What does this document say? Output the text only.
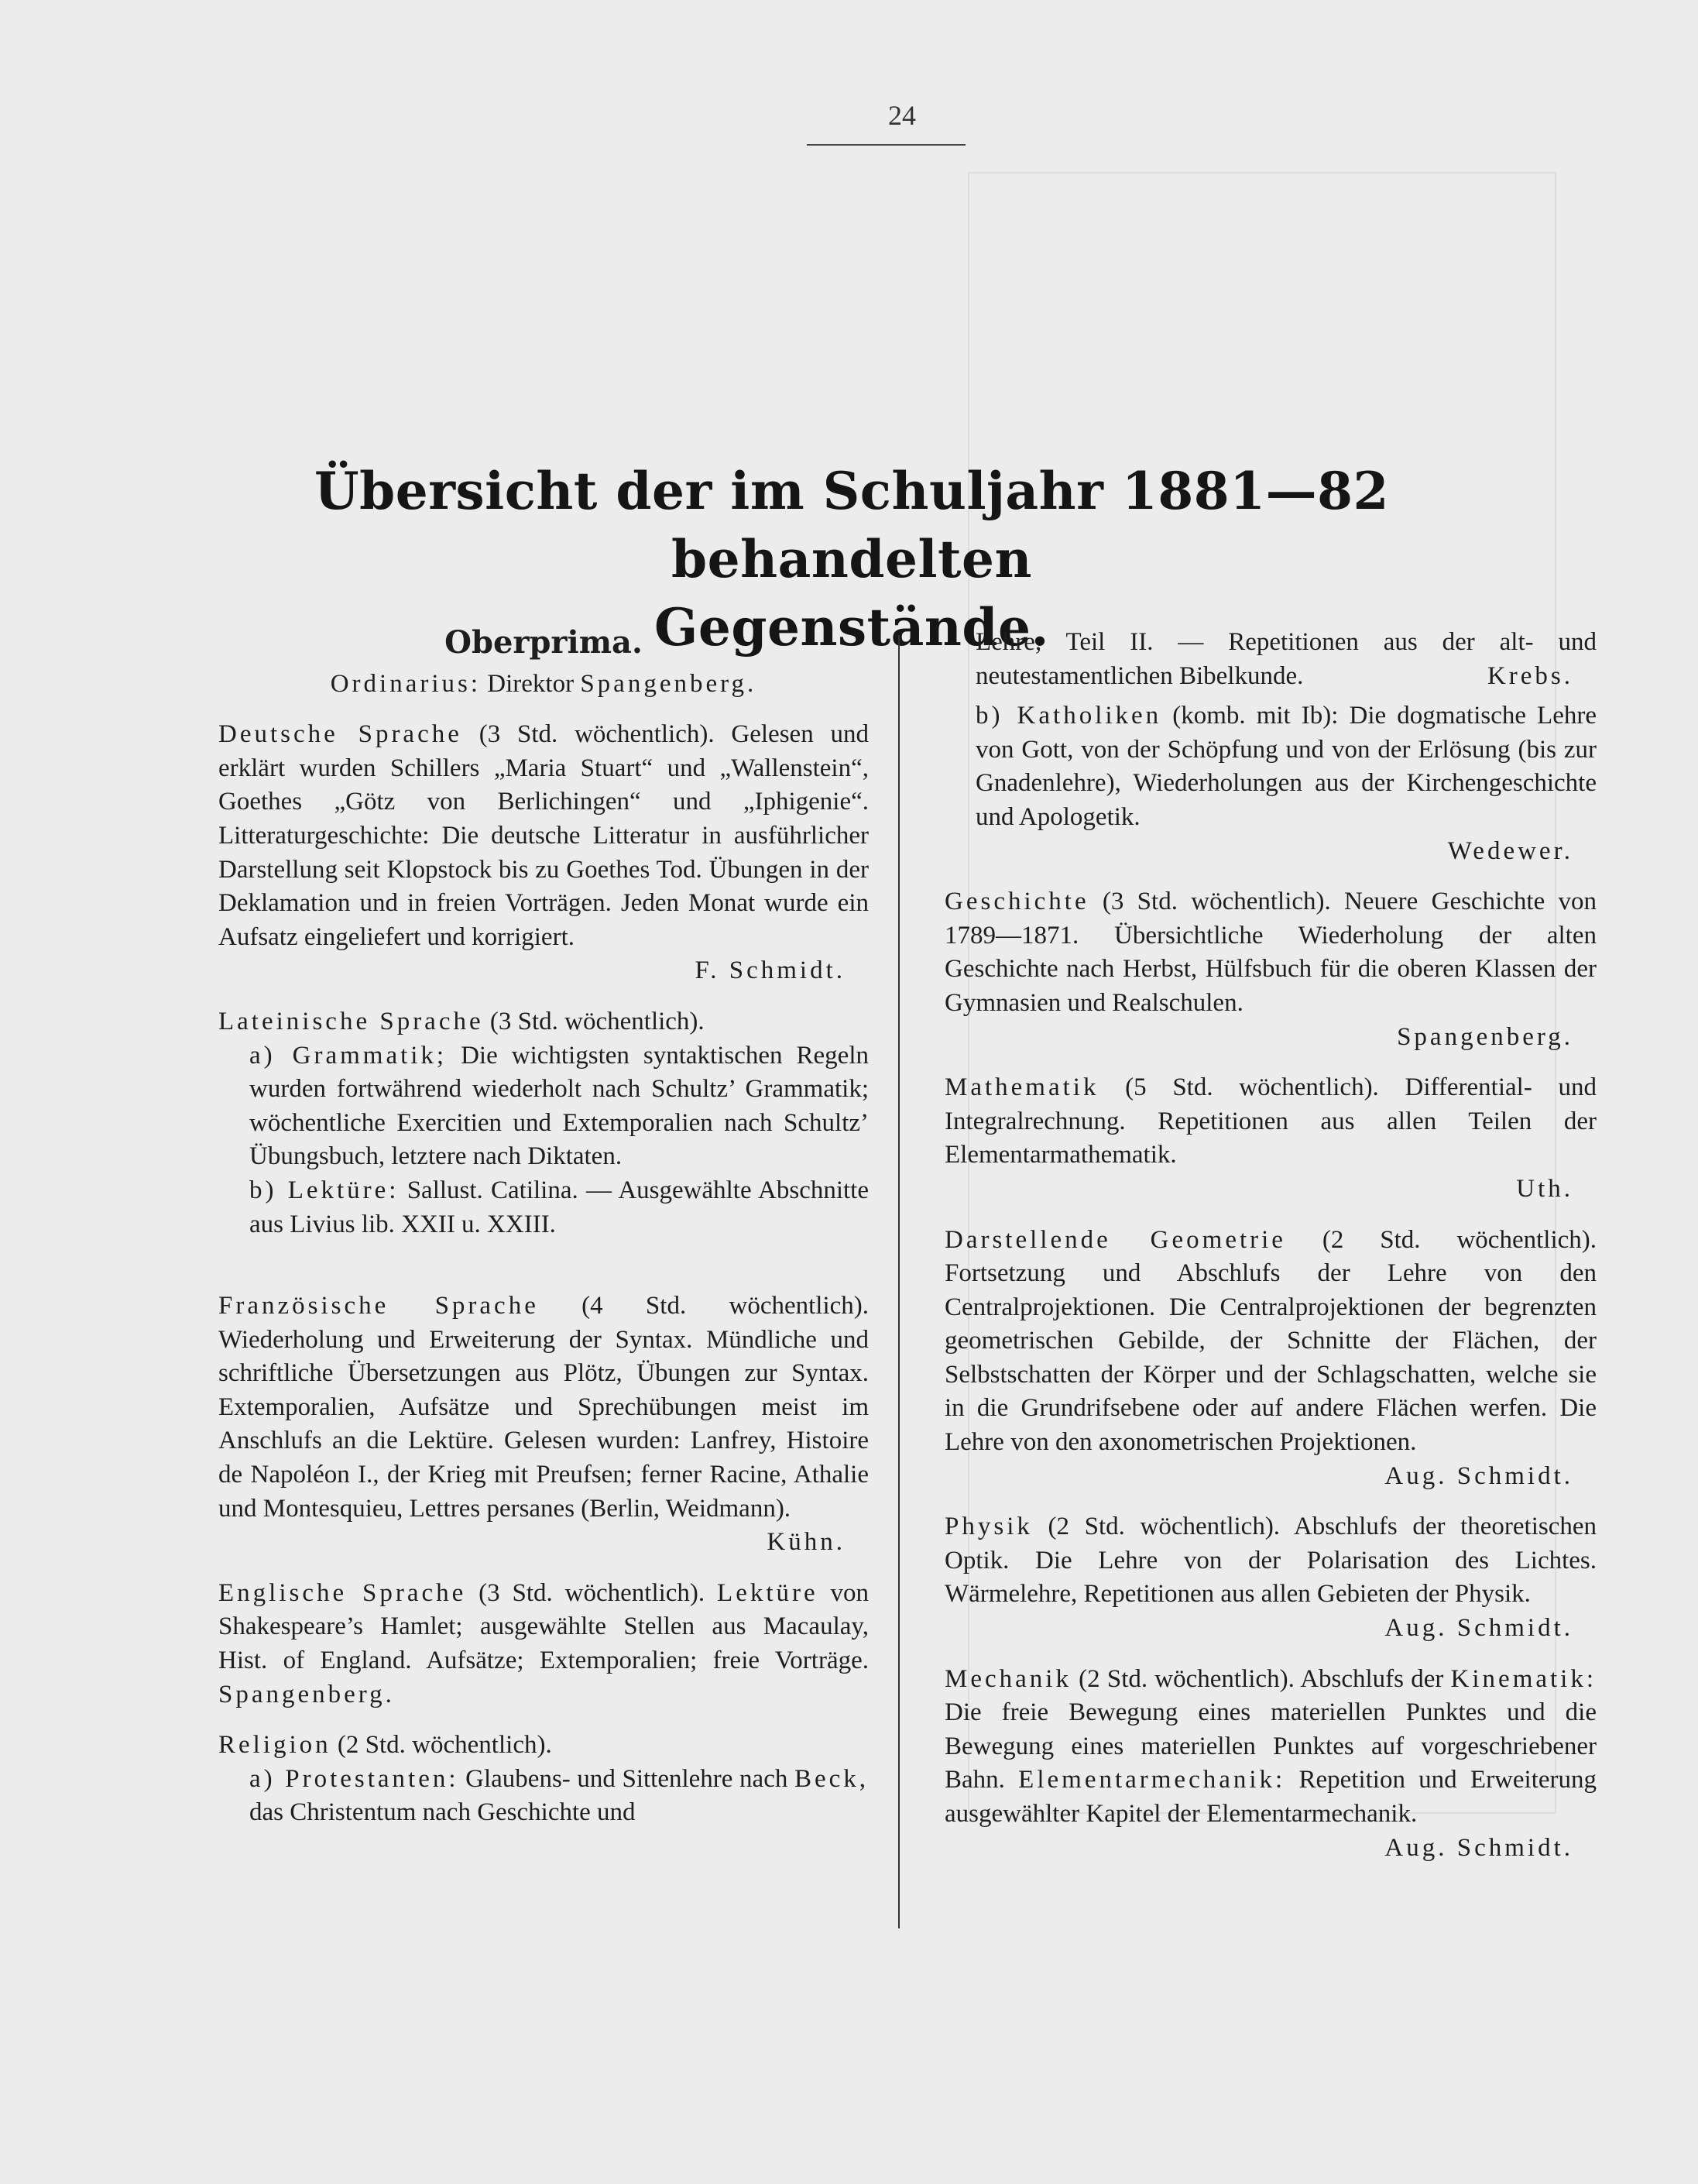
24
Übersicht der im Schuljahr 1881—82 behandelten
Gegenstände.
Oberprima.
Ordinarius: Direktor Spangenberg.

Deutsche Sprache (3 Std. wöchentlich). Gelesen und erklärt wurden Schillers „Maria Stuart“ und „Wallenstein“, Goethes „Götz von Berlichingen“ und „Iphigenie“. Litteraturgeschichte: Die deutsche Litteratur in ausführlicher Darstellung seit Klopstock bis zu Goethes Tod. Übungen in der Deklamation und in freien Vorträgen. Jeden Monat wurde ein Aufsatz eingeliefert und korrigiert.

F. Schmidt.

Lateinische Sprache (3 Std. wöchentlich).

a) Grammatik; Die wichtigsten syntaktischen Regeln wurden fortwährend wiederholt nach Schultz’ Grammatik; wöchentliche Exercitien und Extemporalien nach Schultz’ Übungsbuch, letztere nach Diktaten.

b) Lektüre: Sallust. Catilina. — Ausgewählte Abschnitte aus Livius lib. XXII u. XXIII.

Französische Sprache (4 Std. wöchentlich). Wiederholung und Erweiterung der Syntax. Mündliche und schriftliche Übersetzungen aus Plötz, Übungen zur Syntax. Extemporalien, Aufsätze und Sprechübungen meist im Anschlufs an die Lektüre. Gelesen wurden: Lanfrey, Histoire de Napoléon I., der Krieg mit Preufsen; ferner Racine, Athalie und Montesquieu, Lettres persanes (Berlin, Weidmann).

Kühn.

Englische Sprache (3 Std. wöchentlich). Lektüre von Shakespeare’s Hamlet; ausgewählte Stellen aus Macaulay, Hist. of England. Aufsätze; Extemporalien; freie Vorträge. Spangenberg.

Religion (2 Std. wöchentlich).

a) Protestanten: Glaubens- und Sittenlehre nach Beck, das Christentum nach Geschichte und

Lehre, Teil II. — Repetitionen aus der alt- und neutestamentlichen Bibelkunde.	Krebs.

b) Katholiken (komb. mit Ib): Die dogmatische Lehre von Gott, von der Schöpfung und von der Erlösung (bis zur Gnadenlehre), Wiederholungen aus der Kirchengeschichte und Apologetik.

Wedewer.

Geschichte (3 Std. wöchentlich). Neuere Geschichte von 1789—1871. Übersichtliche Wiederholung der alten Geschichte nach Herbst, Hülfsbuch für die oberen Klassen der Gymnasien und Realschulen.

Spangenberg.

Mathematik (5 Std. wöchentlich). Differential- und Integralrechnung. Repetitionen aus allen Teilen der Elementarmathematik.

Uth.

Darstellende Geometrie (2 Std. wöchentlich). Fortsetzung und Abschlufs der Lehre von den Centralprojektionen. Die Centralprojektionen der begrenzten geometrischen Gebilde, der Schnitte der Flächen, der Selbstschatten der Körper und der Schlagschatten, welche sie in die Grundrifsebene oder auf andere Flächen werfen. Die Lehre von den axonometrischen Projektionen.

Aug. Schmidt.

Physik (2 Std. wöchentlich). Abschlufs der theoretischen Optik. Die Lehre von der Polarisation des Lichtes. Wärmelehre, Repetitionen aus allen Gebieten der Physik.

Aug. Schmidt.

Mechanik (2 Std. wöchentlich). Abschlufs der Kinematik: Die freie Bewegung eines materiellen Punktes und die Bewegung eines materiellen Punktes auf vorgeschriebener Bahn. Elementarmechanik: Repetition und Erweiterung ausgewählter Kapitel der Elementarmechanik.

Aug. Schmidt.
